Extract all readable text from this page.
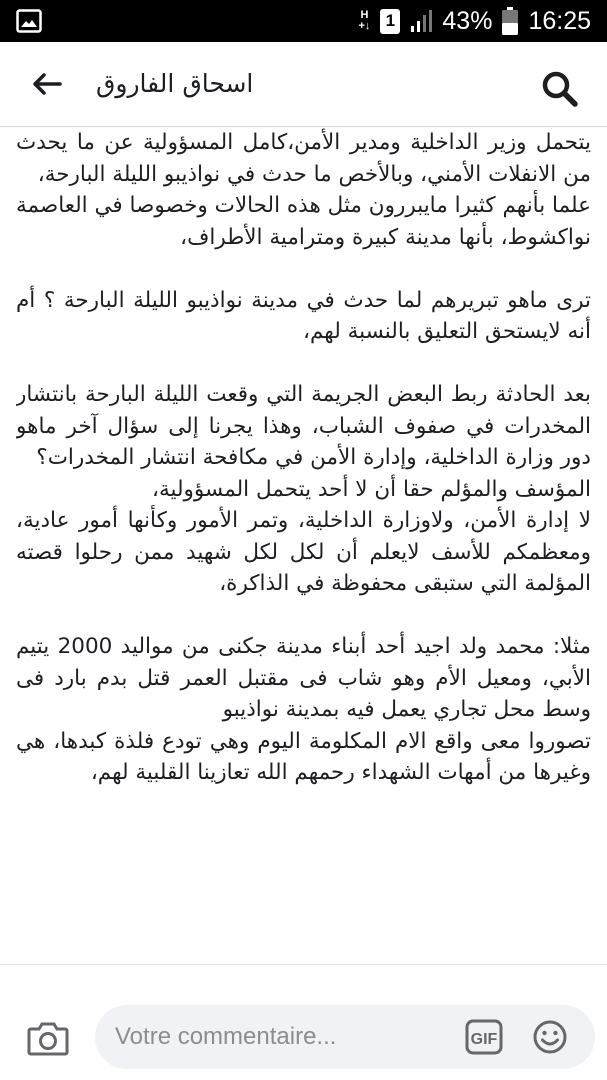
H
+↓ 1 43% 16:25
اسحاق الفاروق

يتحمل وزير الداخلية ومدير الأمن،كامل المسؤولية عن ما يحدث من الانفلات الأمني، وبالأخص ما حدث في نواذيبو الليلة البارحة،

علما بأنهم كثيرا مايبررون مثل هذه الحالات وخصوصا في العاصمة نواكشوط، بأنها مدينة كبيرة ومترامية الأطراف،

ترى ماهو تبريرهم لما حدث في مدينة نواذيبو الليلة البارحة ؟ أم أنه لايستحق التعليق بالنسبة لهم،

بعد الحادثة ربط البعض الجريمة التي وقعت الليلة البارحة بانتشار المخدرات في صفوف الشباب، وهذا يجرنا إلى سؤال آخر ماهو دور وزارة الداخلية، وإدارة الأمن في مكافحة انتشار المخدرات؟

المؤسف والمؤلم حقا أن لا أحد يتحمل المسؤولية،

لا إدارة الأمن، ولاوزارة الداخلية، وتمر الأمور وكأنها أمور عادية، ومعظمكم للأسف لايعلم أن لكل لكل شهيد ممن رحلوا قصته المؤلمة التي ستبقى محفوظة في الذاكرة،

مثلا: محمد ولد اجيد أحد أبناء مدينة جكنى من مواليد 2000 يتيم الأبي، ومعيل الأم وهو شاب فى مقتبل العمر قتل بدم بارد فى وسط محل تجاري يعمل فيه بمدينة نواذيبو

تصوروا معى واقع الام المكلومة اليوم وهي تودع فلذة كبدها، هي وغيرها من أمهات الشهداء رحمهم الله تعازينا القلبية لهم،

Votre commentaire...	GIF
